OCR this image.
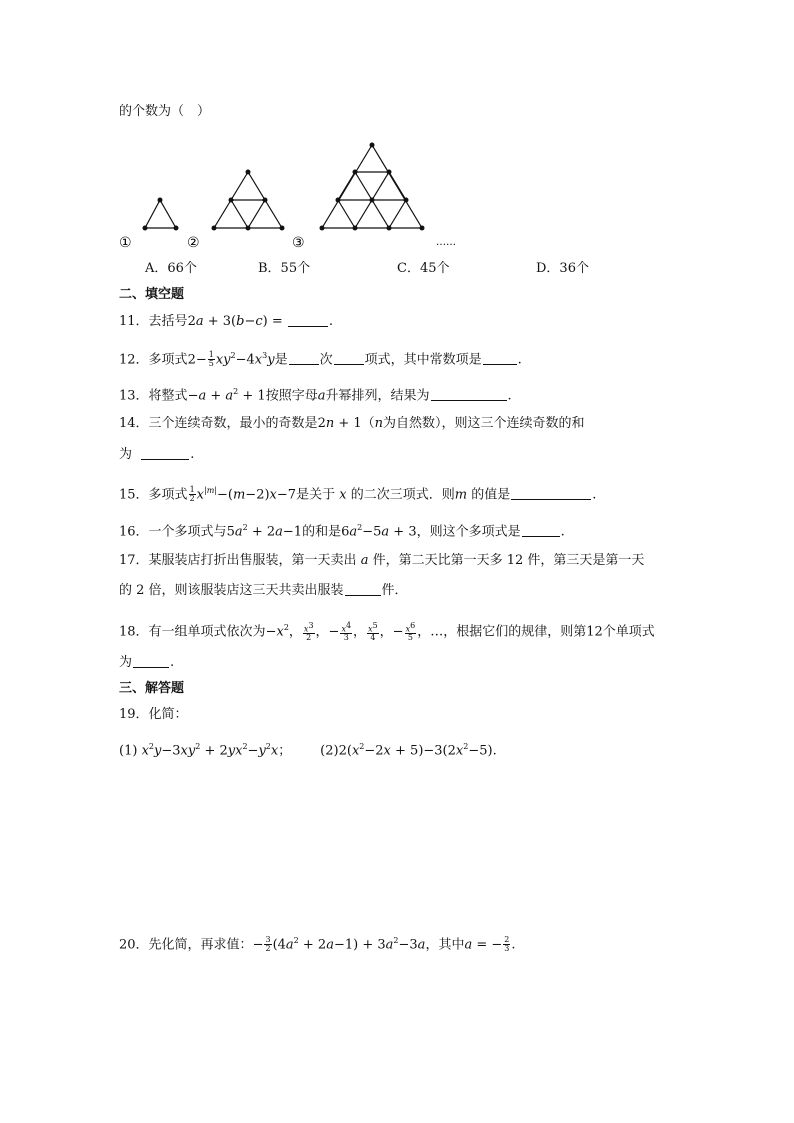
的个数为（　）
①	②	③	……
A．66个	B．55个	C．45个	D．36个
二、填空题
11．去括号2a + 3(b−c) =	.
12．多项式$2- \frac{1}{5} xy^2-4x^3y$是 次 项式，其中常数项是	.
13．将整式$-a + a^2 + 1$按照字母a升幂排列，结果为	.
14．三个连续奇数，最小的奇数是2n + 1（n为自然数），则这三个连续奇数的和
为	.
15．多项式 $\frac{1}{2} x^{|m|}-(m-2)x-7$是关于 x 的二次三项式．则m 的值是	.
16．一个多项式与$5a^2 + 2a-1$的和是$6a^2-5a + 3$，则这个多项式是	.
17．某服装店打折出售服装，第一天卖出 a 件，第二天比第一天多 12 件，第三天是第一天
的 2 倍，则该服装店这三天共卖出服装	件．
18．有一组单项式依次为$-x^2$， $\frac{x^3}{2}$ ，− $\frac{x^4}{3}$ ， $\frac{x^5}{4}$ ，− $\frac{x^6}{5}$ ，…，根据它们的规律，则第12个单项式
为	.
三、解答题
19．化简：
(1) $x^2y-3xy^2 + 2yx^2-y^2x$；       $(2)2(x^2-2x + 5)-3(2x^2-5)$.
20．先化简，再求值：− $\frac{3}{2} (4a^2 + 2a-1) + 3a^2-3a$，其中a = − $\frac{2}{3}$ .
